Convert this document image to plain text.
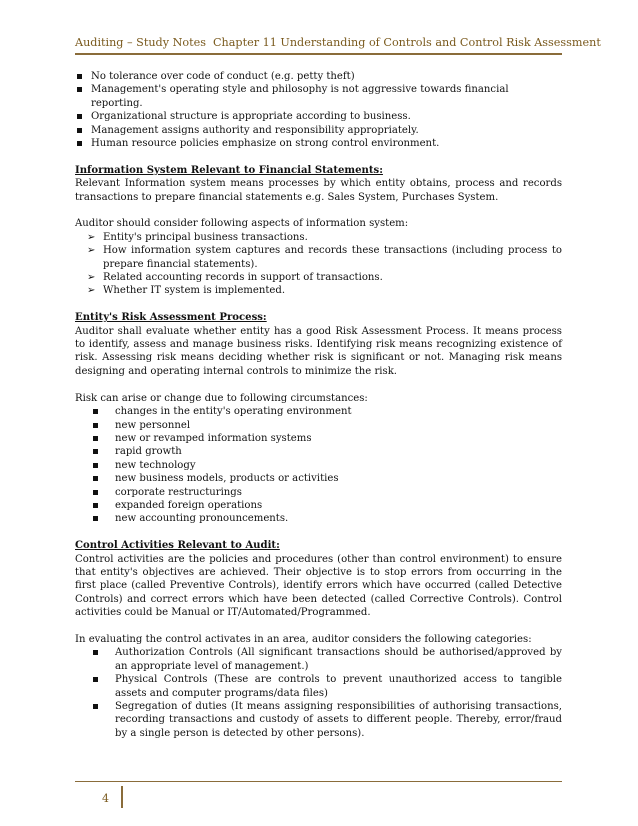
Auditing – Study Notes Chapter 11 Understanding of Controls and Control Risk Assessment
No tolerance over code of conduct (e.g. petty theft)
Management's operating style and philosophy is not aggressive towards financial reporting.
Organizational structure is appropriate according to business.
Management assigns authority and responsibility appropriately.
Human resource policies emphasize on strong control environment.
Information System Relevant to Financial Statements:
Relevant Information system means processes by which entity obtains, process and records transactions to prepare financial statements e.g. Sales System, Purchases System.
Auditor should consider following aspects of information system:
➢ Entity's principal business transactions.
➢ How information system captures and records these transactions (including process to prepare financial statements).
➢ Related accounting records in support of transactions.
➢ Whether IT system is implemented.
Entity's Risk Assessment Process:
Auditor shall evaluate whether entity has a good Risk Assessment Process. It means process to identify, assess and manage business risks. Identifying risk means recognizing existence of risk. Assessing risk means deciding whether risk is significant or not. Managing risk means designing and operating internal controls to minimize the risk.
Risk can arise or change due to following circumstances:
changes in the entity's operating environment
new personnel
new or revamped information systems
rapid growth
new technology
new business models, products or activities
corporate restructurings
expanded foreign operations
new accounting pronouncements.
Control Activities Relevant to Audit:
Control activities are the policies and procedures (other than control environment) to ensure that entity's objectives are achieved. Their objective is to stop errors from occurring in the first place (called Preventive Controls), identify errors which have occurred (called Detective Controls) and correct errors which have been detected (called Corrective Controls). Control activities could be Manual or IT/Automated/Programmed.
In evaluating the control activates in an area, auditor considers the following categories:
Authorization Controls (All significant transactions should be authorised/approved by an appropriate level of management.)
Physical Controls (These are controls to prevent unauthorized access to tangible assets and computer programs/data files)
Segregation of duties (It means assigning responsibilities of authorising transactions, recording transactions and custody of assets to different people. Thereby, error/fraud by a single person is detected by other persons).
4
